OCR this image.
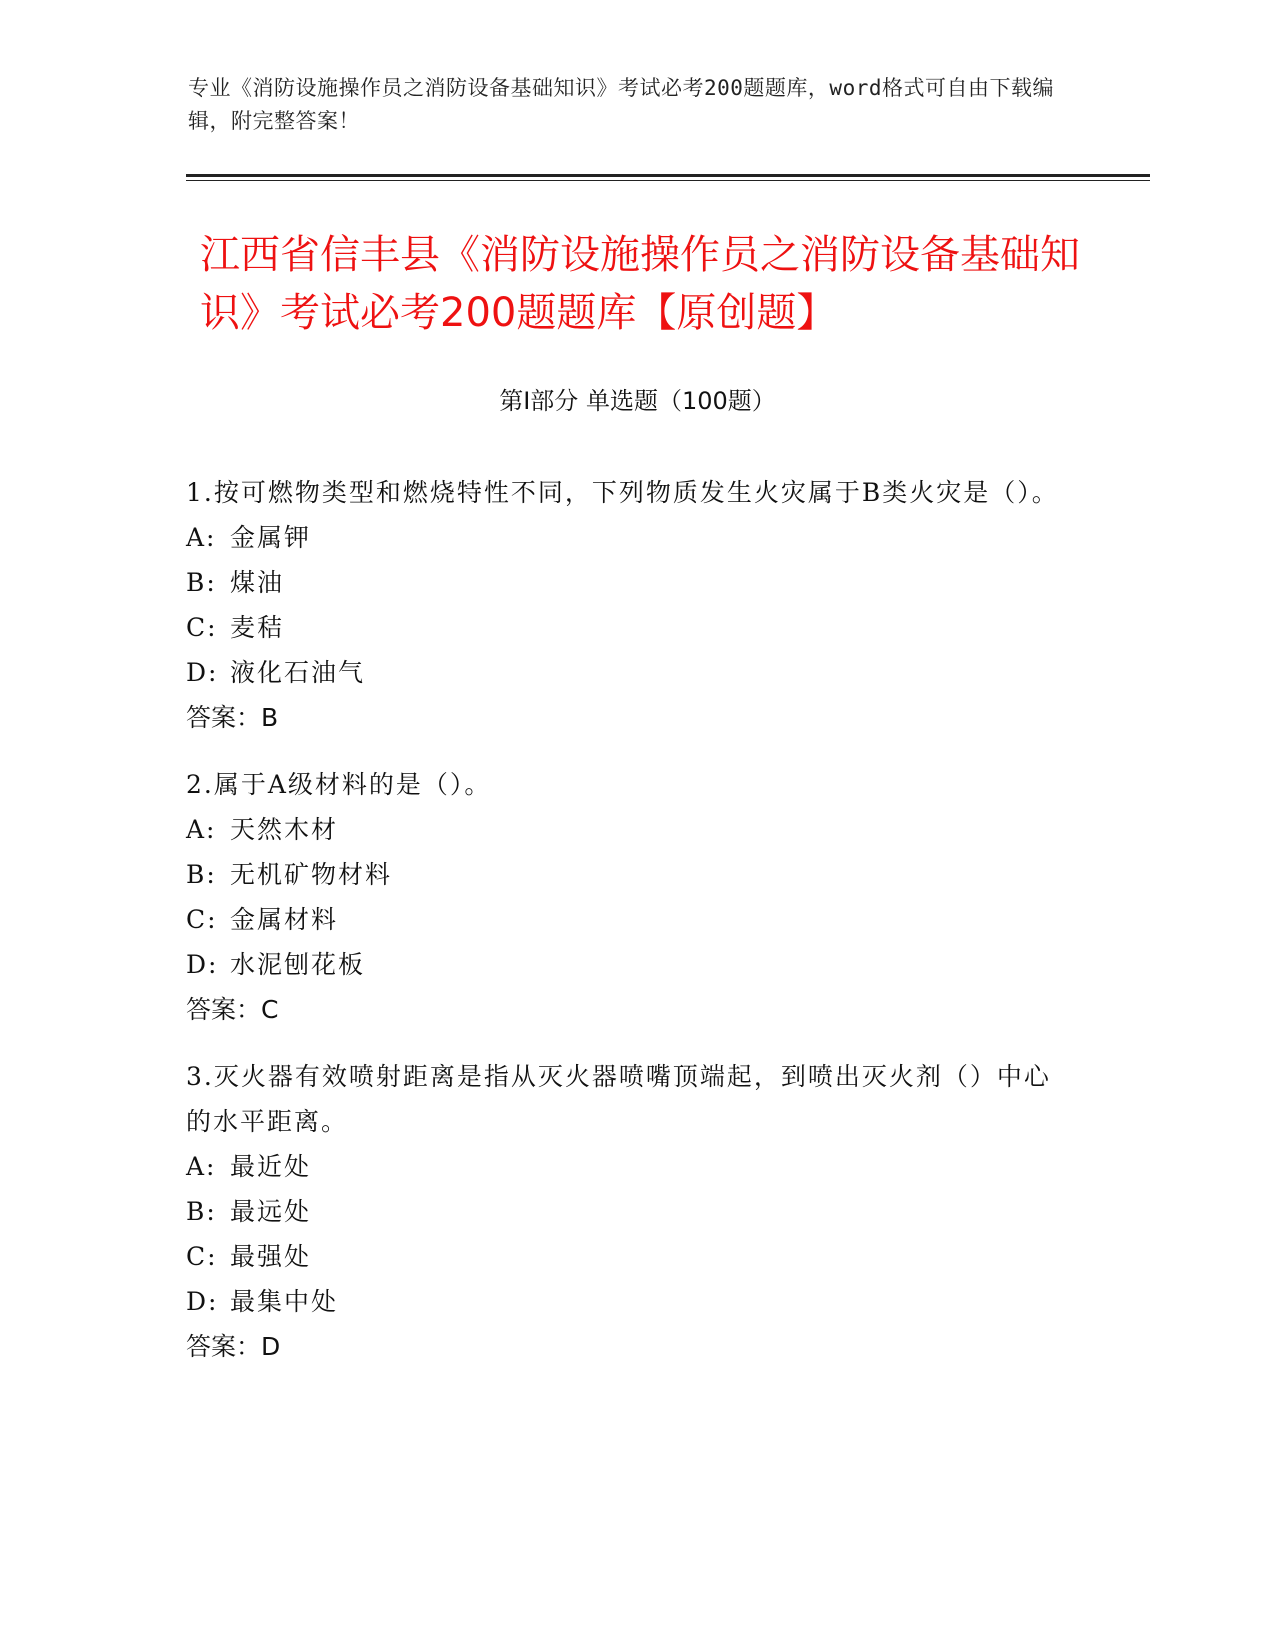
专业《消防设施操作员之消防设备基础知识》考试必考200题题库，word格式可自由下载编辑，附完整答案！
江西省信丰县《消防设施操作员之消防设备基础知识》考试必考200题题库【原创题】
第Ⅰ部分 单选题（100题）
1.按可燃物类型和燃烧特性不同，下列物质发生火灾属于B类火灾是（）。
A: 金属钾
B: 煤油
C: 麦秸
D: 液化石油气
答案：B
2.属于A级材料的是（）。
A: 天然木材
B: 无机矿物材料
C: 金属材料
D: 水泥刨花板
答案：C
3.灭火器有效喷射距离是指从灭火器喷嘴顶端起，到喷出灭火剂（）中心的水平距离。
A: 最近处
B: 最远处
C: 最强处
D: 最集中处
答案：D
